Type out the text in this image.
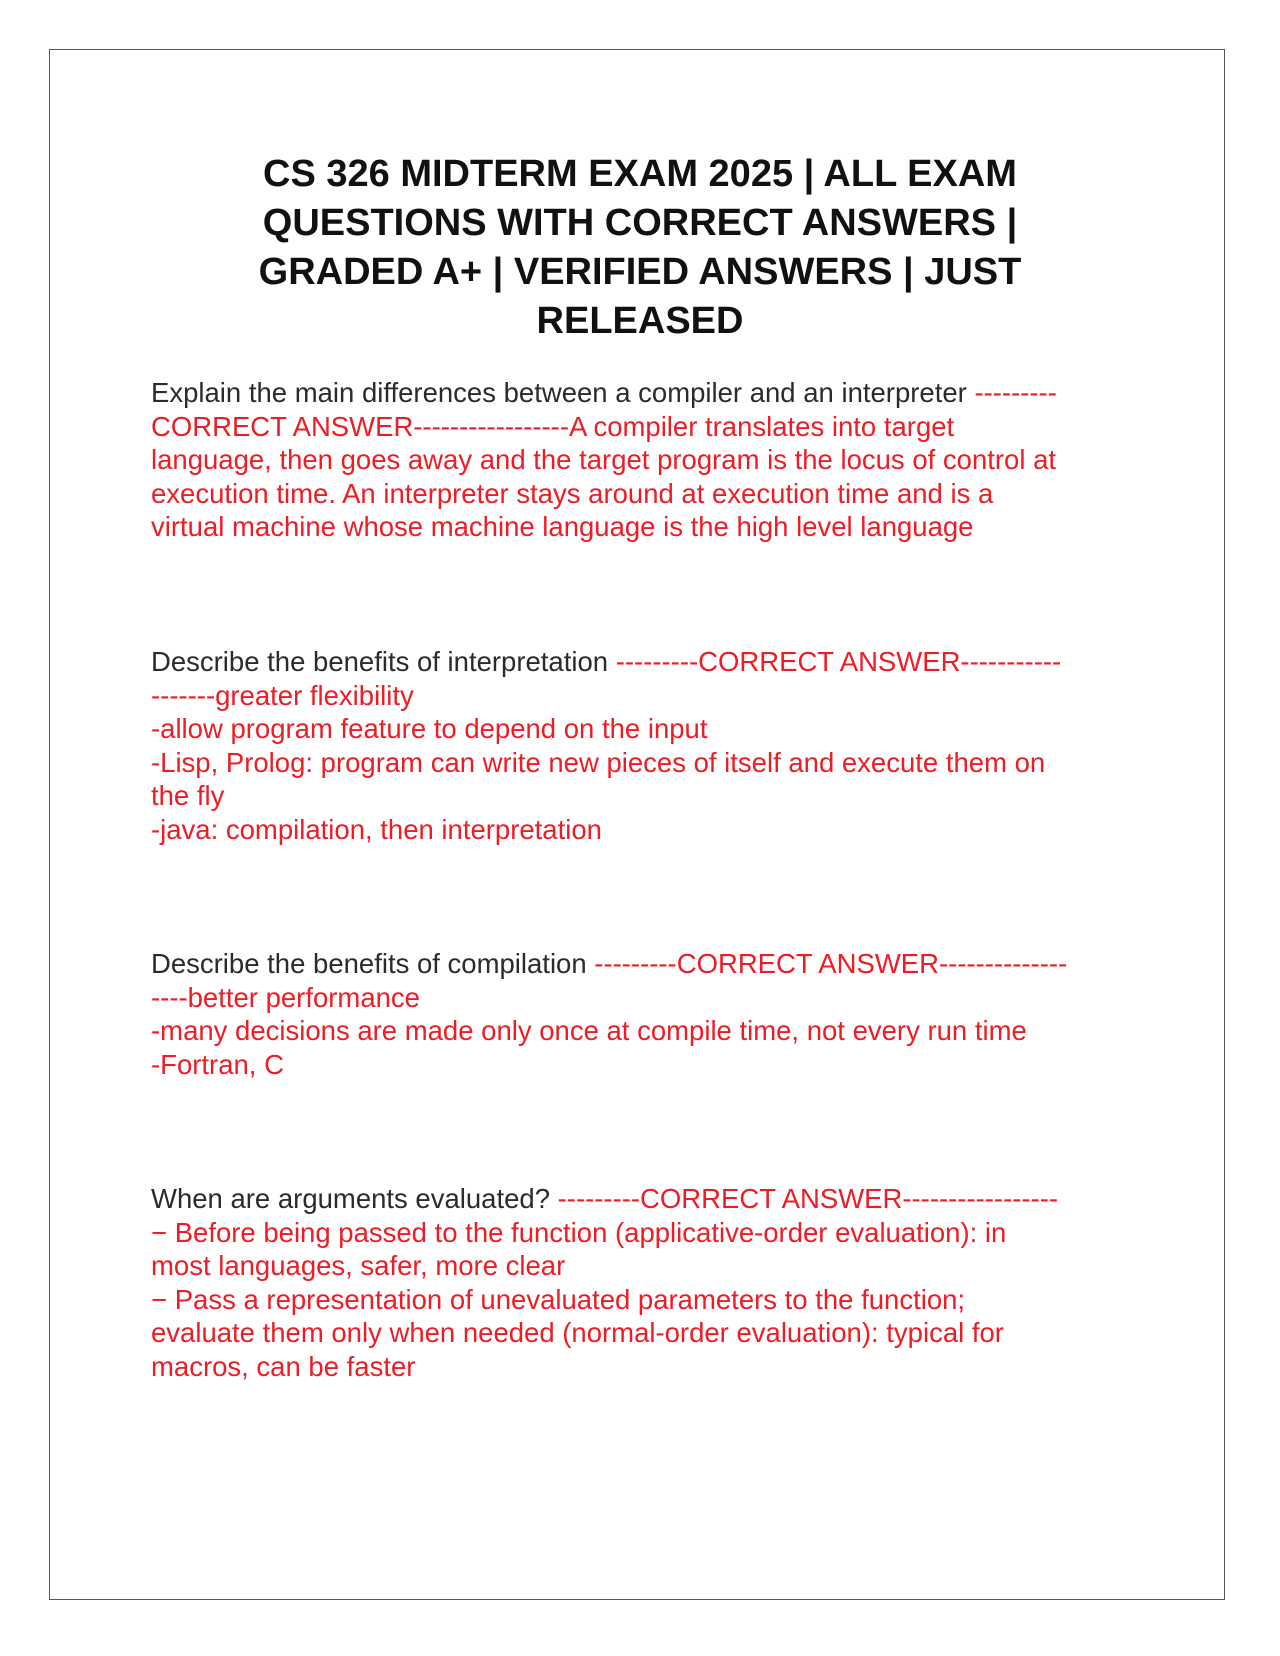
CS 326 MIDTERM EXAM 2025 | ALL EXAM
QUESTIONS WITH CORRECT ANSWERS |
GRADED A+ | VERIFIED ANSWERS | JUST
RELEASED
Explain the main differences between a compiler and an interpreter ---------
CORRECT ANSWER-----------------A compiler translates into target
language, then goes away and the target program is the locus of control at
execution time. An interpreter stays around at execution time and is a
virtual machine whose machine language is the high level language
Describe the benefits of interpretation ---------CORRECT ANSWER-----------
-------greater flexibility
-allow program feature to depend on the input
-Lisp, Prolog: program can write new pieces of itself and execute them on
the fly
-java: compilation, then interpretation
Describe the benefits of compilation ---------CORRECT ANSWER--------------
----better performance
-many decisions are made only once at compile time, not every run time
-Fortran, C
When are arguments evaluated? ---------CORRECT ANSWER-----------------
− Before being passed to the function (applicative-order evaluation): in
most languages, safer, more clear
− Pass a representation of unevaluated parameters to the function;
evaluate them only when needed (normal-order evaluation): typical for
macros, can be faster
